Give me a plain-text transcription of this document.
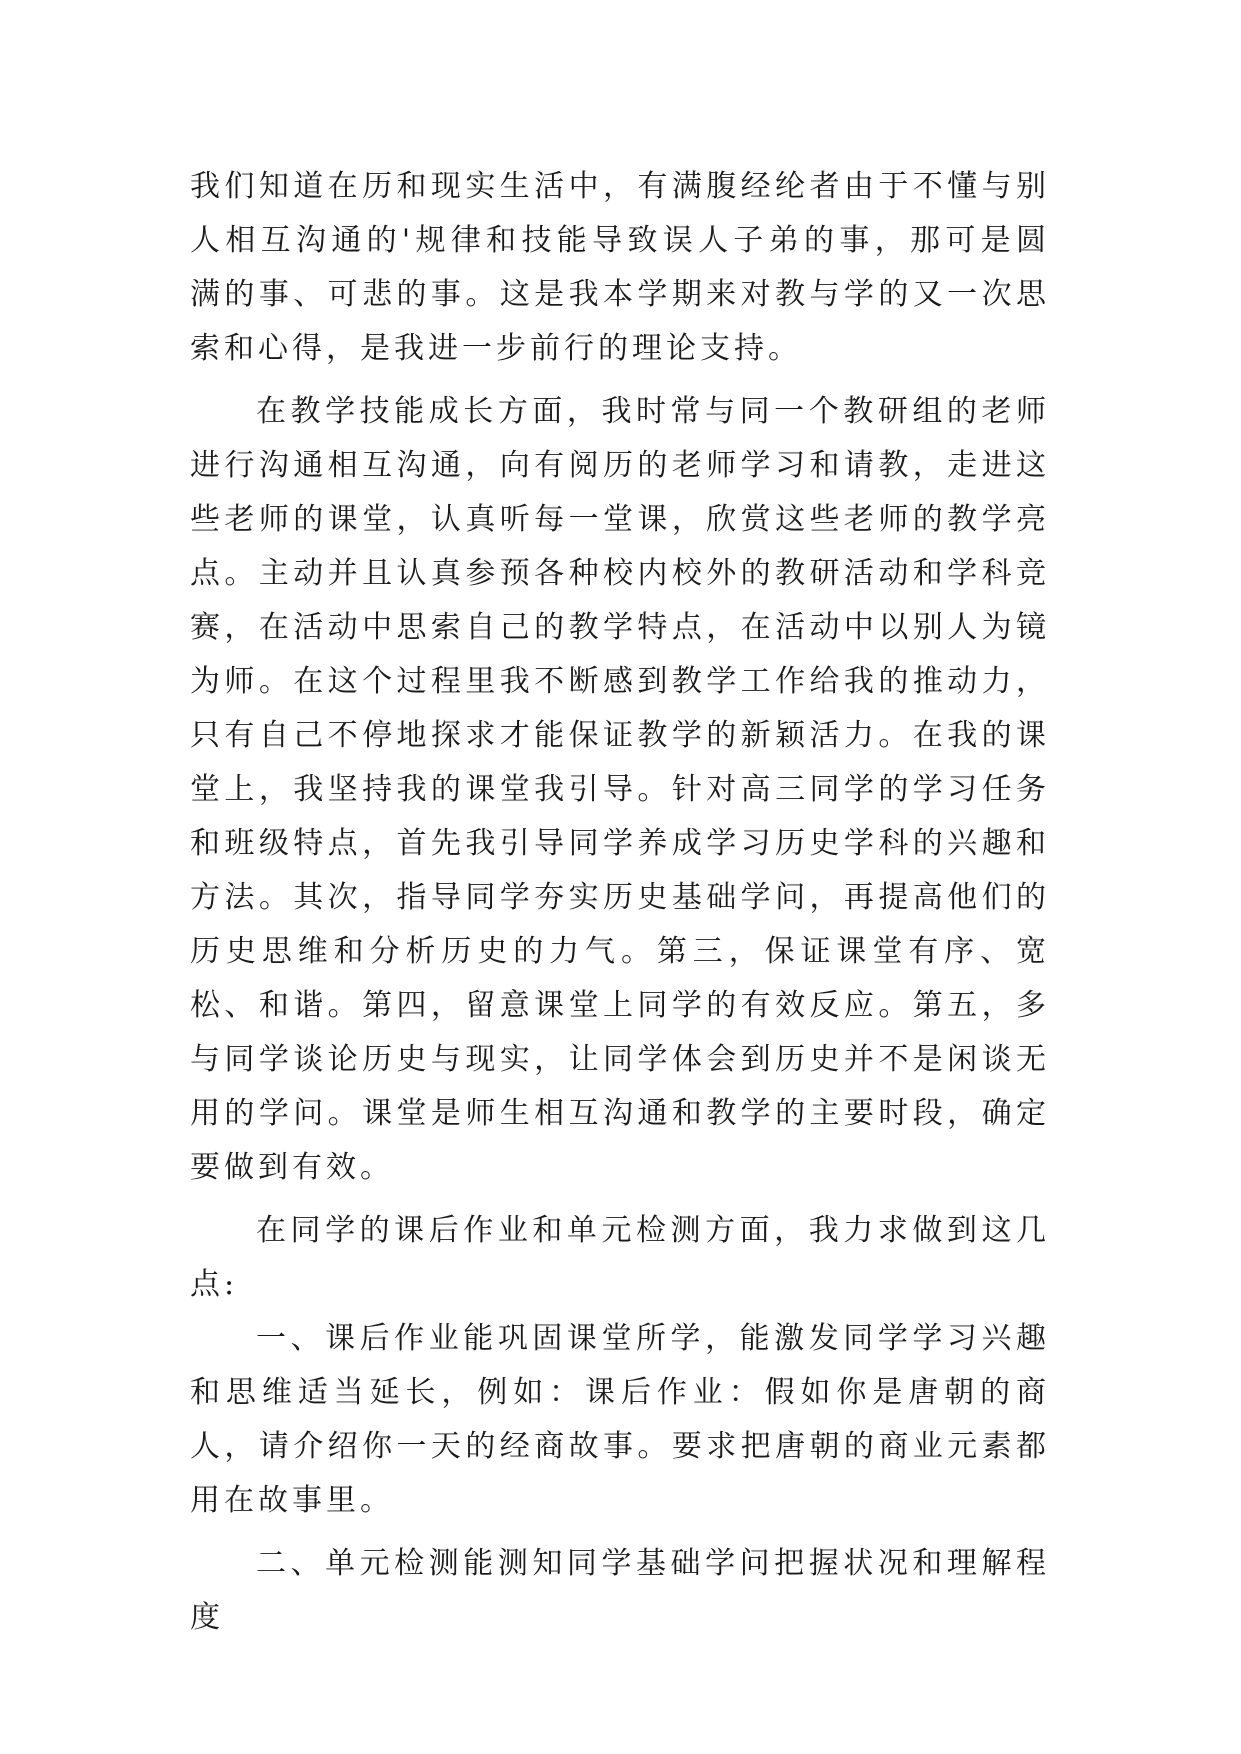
我们知道在历和现实生活中，有满腹经纶者由于不懂与别人相互沟通的'规律和技能导致误人子弟的事，那可是圆满的事、可悲的事。这是我本学期来对教与学的又一次思索和心得，是我进一步前行的理论支持。

在教学技能成长方面，我时常与同一个教研组的老师进行沟通相互沟通，向有阅历的老师学习和请教，走进这些老师的课堂，认真听每一堂课，欣赏这些老师的教学亮点。主动并且认真参预各种校内校外的教研活动和学科竞赛，在活动中思索自己的教学特点，在活动中以别人为镜为师。在这个过程里我不断感到教学工作给我的推动力，只有自己不停地探求才能保证教学的新颖活力。在我的课堂上，我坚持我的课堂我引导。针对高三同学的学习任务和班级特点，首先我引导同学养成学习历史学科的兴趣和方法。其次，指导同学夯实历史基础学问，再提高他们的历史思维和分析历史的力气。第三，保证课堂有序、宽松、和谐。第四，留意课堂上同学的有效反应。第五，多与同学谈论历史与现实，让同学体会到历史并不是闲谈无用的学问。课堂是师生相互沟通和教学的主要时段，确定要做到有效。

在同学的课后作业和单元检测方面，我力求做到这几点:

一、课后作业能巩固课堂所学，能激发同学学习兴趣和思维适当延长，例如：课后作业：假如你是唐朝的商人，请介绍你一天的经商故事。要求把唐朝的商业元素都用在故事里。

二、单元检测能测知同学基础学问把握状况和理解程度
